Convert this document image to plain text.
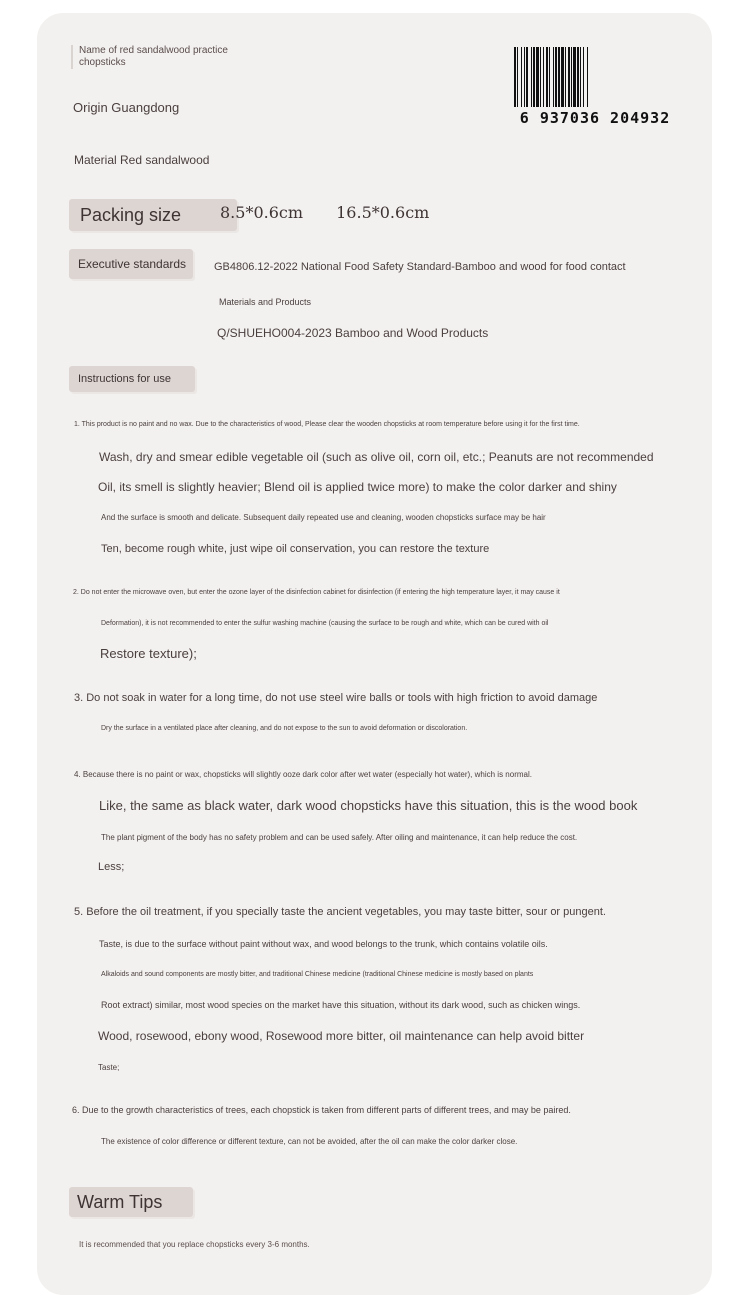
Name of red sandalwood practice chopsticks
6 937036 204932
Origin Guangdong
Material Red sandalwood
Packing size	8.5*0.6cm 16.5*0.6cm
Executive standards	GB4806.12-2022 National Food Safety Standard-Bamboo and wood for food contact
Materials and Products
Q/SHUEHO004-2023 Bamboo and Wood Products
Instructions for use
1. This product is no paint and no wax. Due to the characteristics of wood, Please clear the wooden chopsticks at room temperature before using it for the first time.
Wash, dry and smear edible vegetable oil (such as olive oil, corn oil, etc.; Peanuts are not recommended
Oil, its smell is slightly heavier; Blend oil is applied twice more) to make the color darker and shiny
And the surface is smooth and delicate. Subsequent daily repeated use and cleaning, wooden chopsticks surface may be hair
Ten, become rough white, just wipe oil conservation, you can restore the texture
2. Do not enter the microwave oven, but enter the ozone layer of the disinfection cabinet for disinfection (if entering the high temperature layer, it may cause it
Deformation), it is not recommended to enter the sulfur washing machine (causing the surface to be rough and white, which can be cured with oil
Restore texture);
3. Do not soak in water for a long time, do not use steel wire balls or tools with high friction to avoid damage
Dry the surface in a ventilated place after cleaning, and do not expose to the sun to avoid deformation or discoloration.
4. Because there is no paint or wax, chopsticks will slightly ooze dark color after wet water (especially hot water), which is normal.
Like, the same as black water, dark wood chopsticks have this situation, this is the wood book
The plant pigment of the body has no safety problem and can be used safely. After oiling and maintenance, it can help reduce the cost.
Less;
5. Before the oil treatment, if you specially taste the ancient vegetables, you may taste bitter, sour or pungent.
Taste, is due to the surface without paint without wax, and wood belongs to the trunk, which contains volatile oils.
Alkaloids and sound components are mostly bitter, and traditional Chinese medicine (traditional Chinese medicine is mostly based on plants
Root extract) similar, most wood species on the market have this situation, without its dark wood, such as chicken wings.
Wood, rosewood, ebony wood, Rosewood more bitter, oil maintenance can help avoid bitter
Taste;
6. Due to the growth characteristics of trees, each chopstick is taken from different parts of different trees, and may be paired.
The existence of color difference or different texture, can not be avoided, after the oil can make the color darker close.
Warm Tips
It is recommended that you replace chopsticks every 3-6 months.
